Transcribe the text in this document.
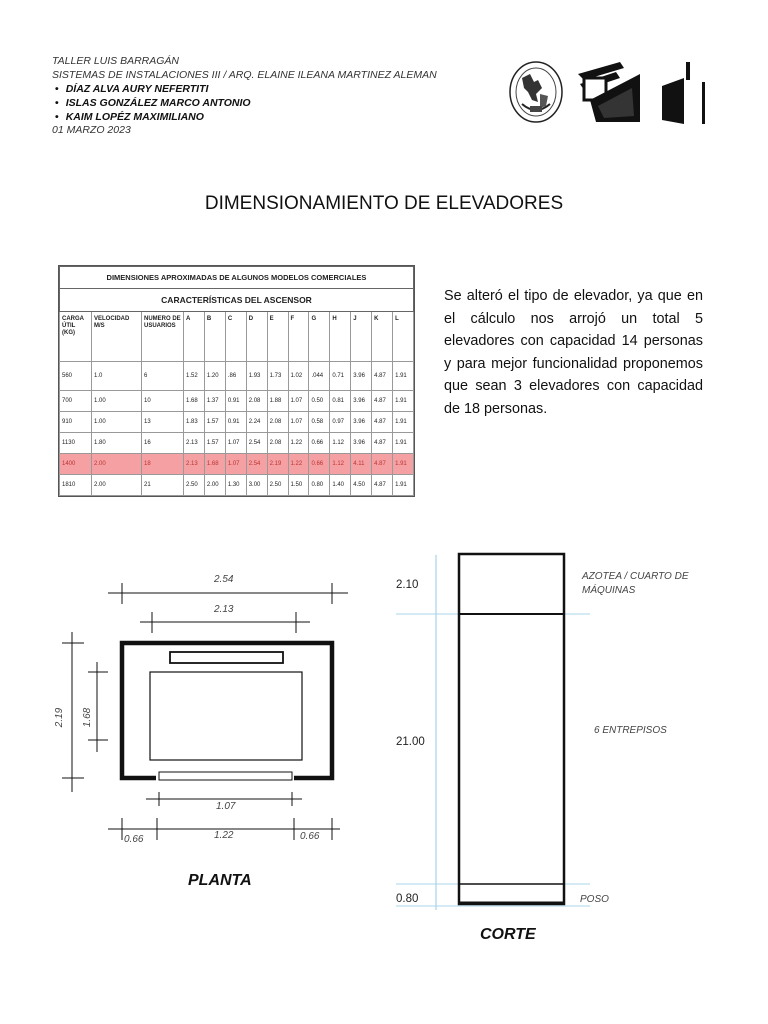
TALLER LUIS BARRAGÁN
SISTEMAS DE INSTALACIONES III / ARQ. ELAINE ILEANA MARTINEZ ALEMAN
• DÍAZ ALVA AURY NEFERTITI
• ISLAS GONZÁLEZ MARCO ANTONIO
• KAIM LOPÉZ MAXIMILIANO
01 MARZO 2023
DIMENSIONAMIENTO DE ELEVADORES
DIMENSIONES APROXIMADAS DE ALGUNOS MODELOS COMERCIALES													
CARACTERÍSTICAS DEL ASCENSOR													
CARGA ÚTIL (KG)	VELOCIDAD M/S	NUMERO DE USUARIOS	A	B	C	D	E	F	G	H	J	K	L
560	1.0	6	1.52	1.20	.86	1.93	1.73	1.02	.044	0.71	3.96	4.87	1.91
700	1.00	10	1.68	1.37	0.91	2.08	1.88	1.07	0.50	0.81	3.96	4.87	1.91
910	1.00	13	1.83	1.57	0.91	2.24	2.08	1.07	0.58	0.97	3.96	4.87	1.91
1130	1.80	16	2.13	1.57	1.07	2.54	2.08	1.22	0.66	1.12	3.96	4.87	1.91
1400	2.00	18	2.13	1.68	1.07	2.54	2.19	1.22	0.66	1.12	4.11	4.87	1.91
1810	2.00	21	2.50	2.00	1.30	3.00	2.50	1.50	0.80	1.40	4.50	4.87	1.91
Se alteró el tipo de elevador, ya que en el cálculo nos arrojó un total 5 elevadores con capacidad 14 personas y para mejor funcionalidad proponemos que sean 3 elevadores con capacidad de 18 personas.
2.54
2.13
2.19 1.68
1.07
0.66	1.22	0.66
PLANTA
2.10
21.00
0.80
AZOTEA / CUARTO DE MÁQUINAS
6 ENTREPISOS
POSO
CORTE
